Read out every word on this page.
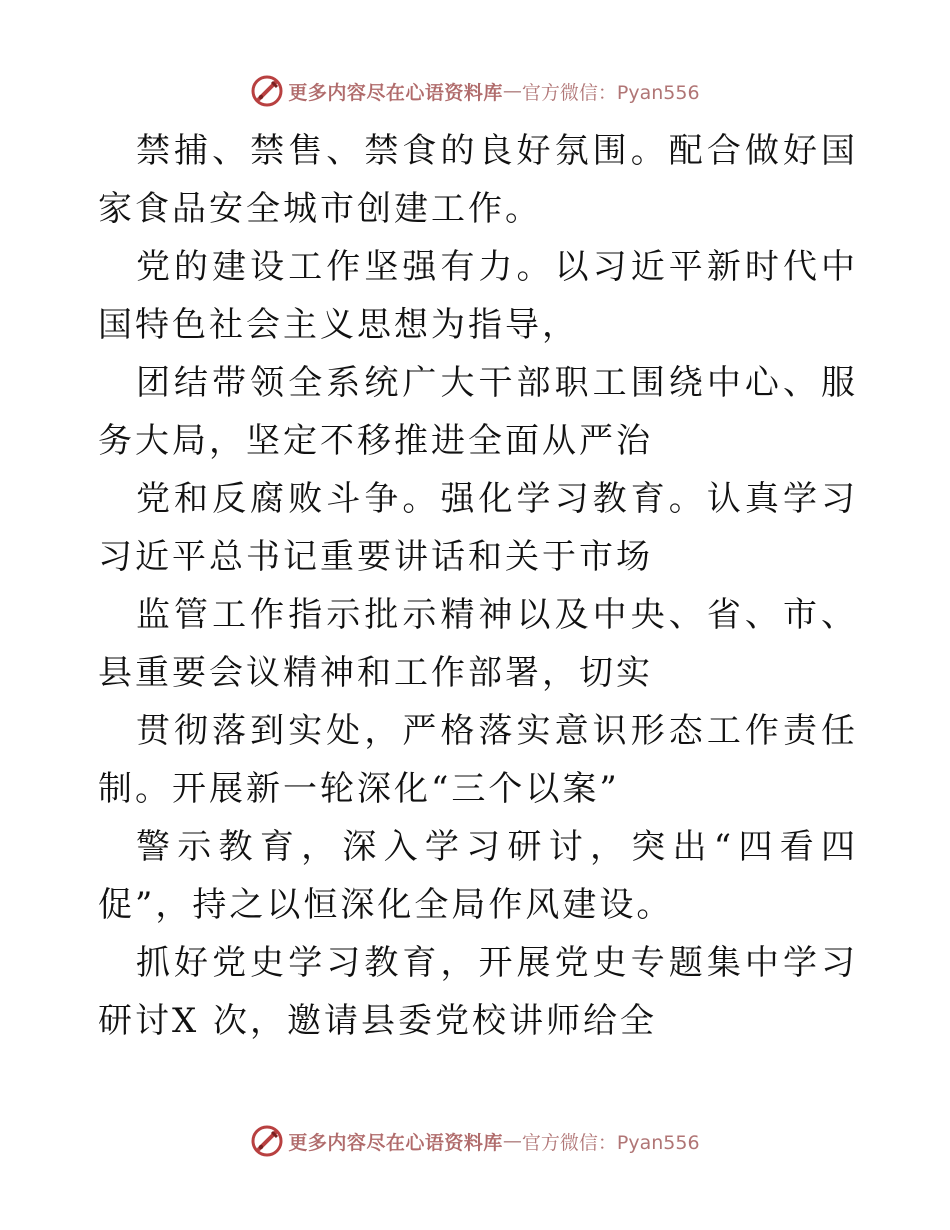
更多内容尽在心语资料库 — 官方微信：Pyan556

禁捕、禁售、禁食的良好氛围。配合做好国家食品安全城市创建工作。

党的建设工作坚强有力。以习近平新时代中国特色社会主义思想为指导，

团结带领全系统广大干部职工围绕中心、服务大局，坚定不移推进全面从严治

党和反腐败斗争。强化学习教育。认真学习习近平总书记重要讲话和关于市场

监管工作指示批示精神以及中央、省、市、县重要会议精神和工作部署，切实

贯彻落到实处，严格落实意识形态工作责任制。开展新一轮深化“三个以案”

警示教育，深入学习研讨，突出“四看四促”，持之以恒深化全局作风建设。

抓好党史学习教育，开展党史专题集中学习研讨X 次，邀请县委党校讲师给全

更多内容尽在心语资料库 — 官方微信：Pyan556
